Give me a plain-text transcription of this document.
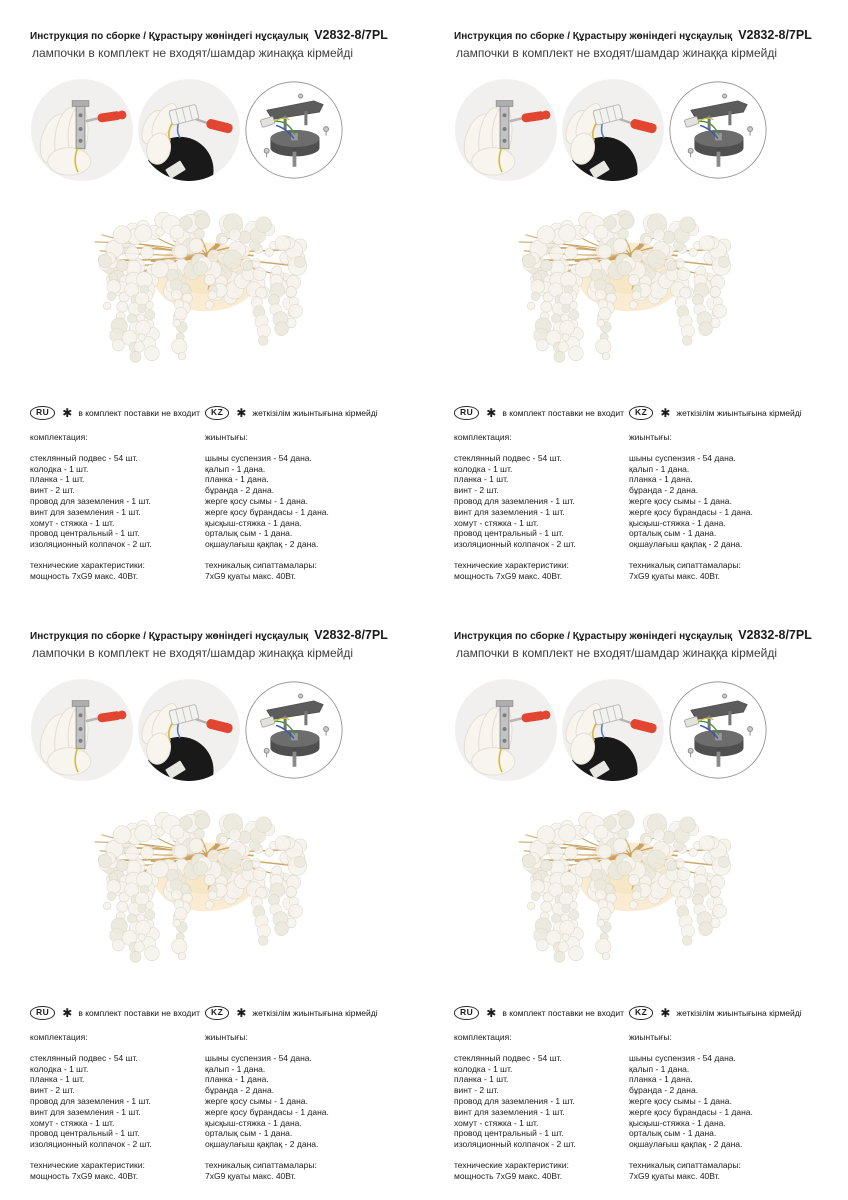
Инструкция по сборке / Құрастыру жөніндегі нұсқаулық V2832-8/7PL
лампочки в комплект не входят/шамдар жинаққа кірмейді
RU	✱ в комплект поставки не входит	KZ	✱ жеткізілім жиынтығына кірмейді
комплектация:
стеклянный подвес - 54 шт.
колодка - 1 шт.
планка - 1 шт.
винт - 2 шт.
провод для заземления - 1 шт.
винт для заземления - 1 шт.
хомут - стяжка - 1 шт.
провод центральный - 1 шт.
изоляционный колпачок - 2 шт.
технические характеристики:
мощность 7xG9 макс. 40Вт.
жиынтығы:
шыны суспензия - 54 дана.
қалып - 1 дана.
планка - 1 дана.
бұранда - 2 дана.
жерге қосу сымы - 1 дана.
жерге қосу бұрандасы - 1 дана.
қысқыш-стяжка - 1 дана.
орталық сым - 1 дана.
оқшаулағыш қақпақ - 2 дана.
техникалық сипаттамалары:
7xG9 қуаты макс. 40Вт.
Инструкция по сборке / Құрастыру жөніндегі нұсқаулық V2832-8/7PL
лампочки в комплект не входят/шамдар жинаққа кірмейді
RU	✱ в комплект поставки не входит	KZ	✱ жеткізілім жиынтығына кірмейді
комплектация:
стеклянный подвес - 54 шт.
колодка - 1 шт.
планка - 1 шт.
винт - 2 шт.
провод для заземления - 1 шт.
винт для заземления - 1 шт.
хомут - стяжка - 1 шт.
провод центральный - 1 шт.
изоляционный колпачок - 2 шт.
технические характеристики:
мощность 7xG9 макс. 40Вт.
жиынтығы:
шыны суспензия - 54 дана.
қалып - 1 дана.
планка - 1 дана.
бұранда - 2 дана.
жерге қосу сымы - 1 дана.
жерге қосу бұрандасы - 1 дана.
қысқыш-стяжка - 1 дана.
орталық сым - 1 дана.
оқшаулағыш қақпақ - 2 дана.
техникалық сипаттамалары:
7xG9 қуаты макс. 40Вт.
Инструкция по сборке / Құрастыру жөніндегі нұсқаулық V2832-8/7PL
лампочки в комплект не входят/шамдар жинаққа кірмейді
RU	✱ в комплект поставки не входит	KZ	✱ жеткізілім жиынтығына кірмейді
комплектация:
стеклянный подвес - 54 шт.
колодка - 1 шт.
планка - 1 шт.
винт - 2 шт.
провод для заземления - 1 шт.
винт для заземления - 1 шт.
хомут - стяжка - 1 шт.
провод центральный - 1 шт.
изоляционный колпачок - 2 шт.
технические характеристики:
мощность 7xG9 макс. 40Вт.
жиынтығы:
шыны суспензия - 54 дана.
қалып - 1 дана.
планка - 1 дана.
бұранда - 2 дана.
жерге қосу сымы - 1 дана.
жерге қосу бұрандасы - 1 дана.
қысқыш-стяжка - 1 дана.
орталық сым - 1 дана.
оқшаулағыш қақпақ - 2 дана.
техникалық сипаттамалары:
7xG9 қуаты макс. 40Вт.
Инструкция по сборке / Құрастыру жөніндегі нұсқаулық V2832-8/7PL
лампочки в комплект не входят/шамдар жинаққа кірмейді
RU	✱ в комплект поставки не входит	KZ	✱ жеткізілім жиынтығына кірмейді
комплектация:
стеклянный подвес - 54 шт.
колодка - 1 шт.
планка - 1 шт.
винт - 2 шт.
провод для заземления - 1 шт.
винт для заземления - 1 шт.
хомут - стяжка - 1 шт.
провод центральный - 1 шт.
изоляционный колпачок - 2 шт.
технические характеристики:
мощность 7xG9 макс. 40Вт.
жиынтығы:
шыны суспензия - 54 дана.
қалып - 1 дана.
планка - 1 дана.
бұранда - 2 дана.
жерге қосу сымы - 1 дана.
жерге қосу бұрандасы - 1 дана.
қысқыш-стяжка - 1 дана.
орталық сым - 1 дана.
оқшаулағыш қақпақ - 2 дана.
техникалық сипаттамалары:
7xG9 қуаты макс. 40Вт.
